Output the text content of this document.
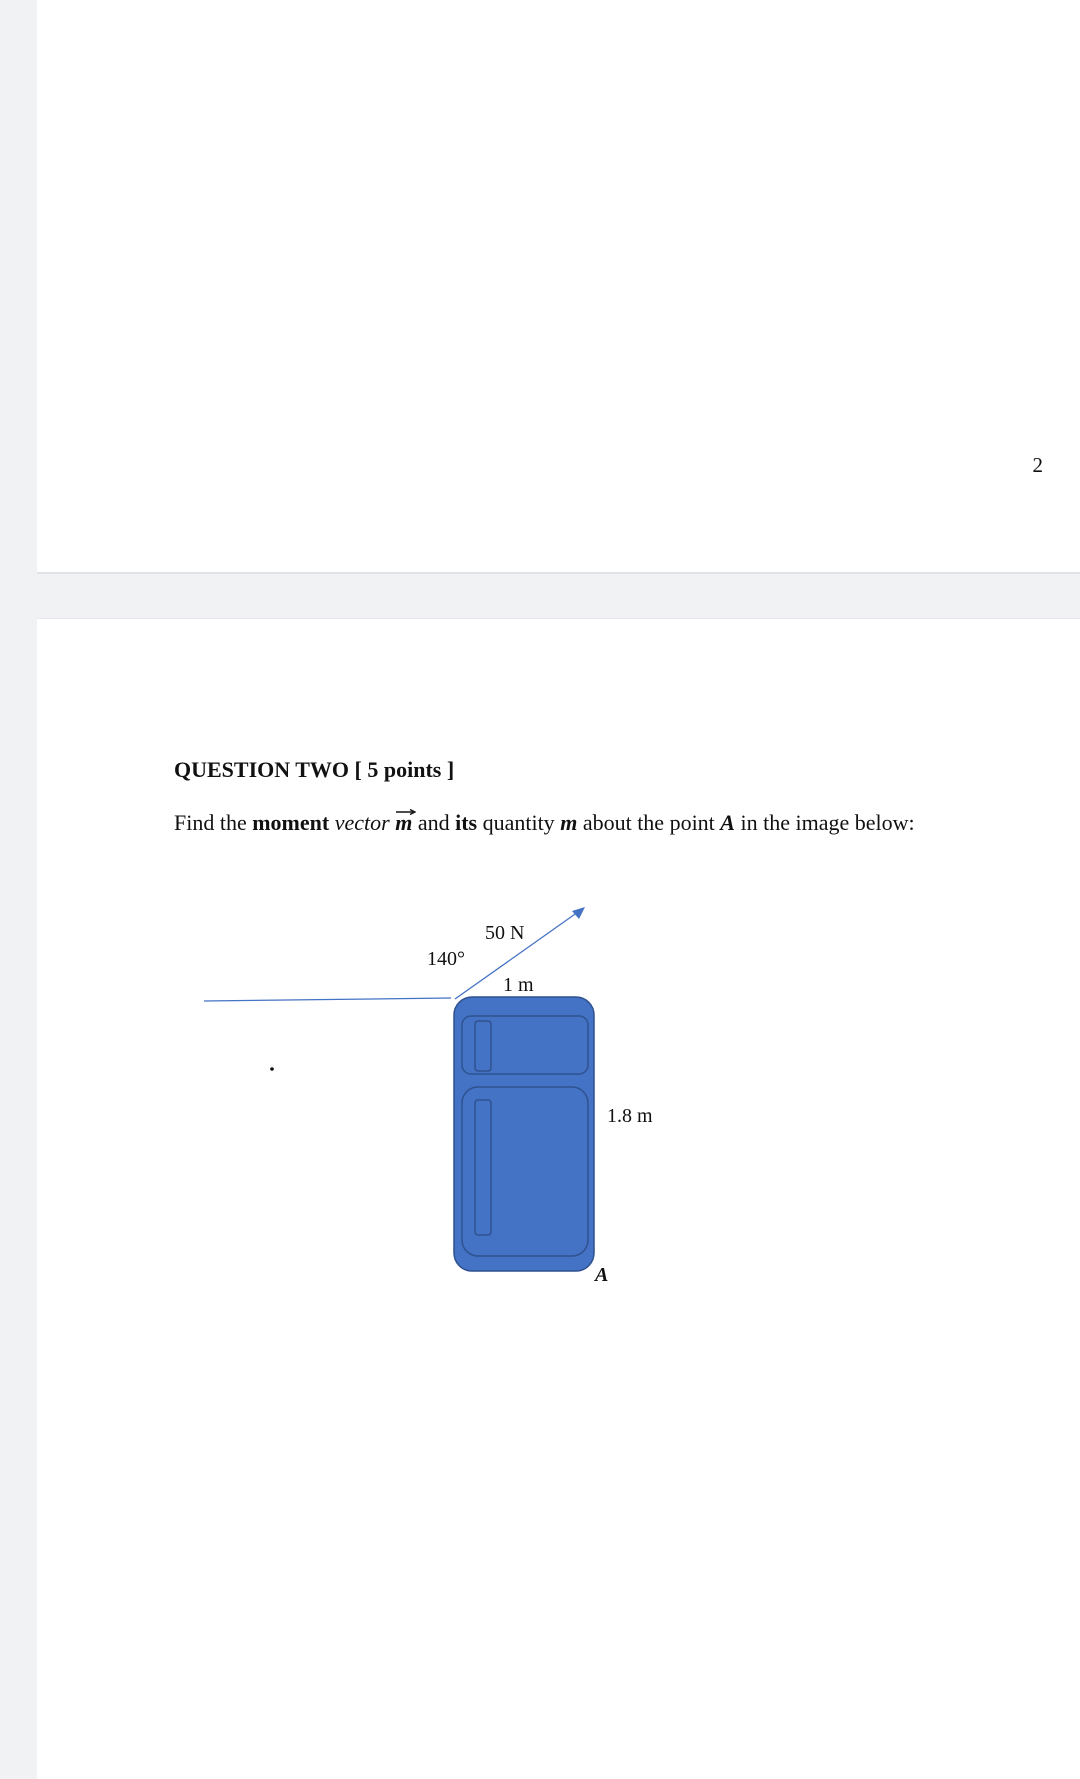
2
QUESTION TWO [ 5 points ]
Find the moment vector m and its quantity m about the point A in the image below:
50 N
140°
1 m
1.8 m
A
